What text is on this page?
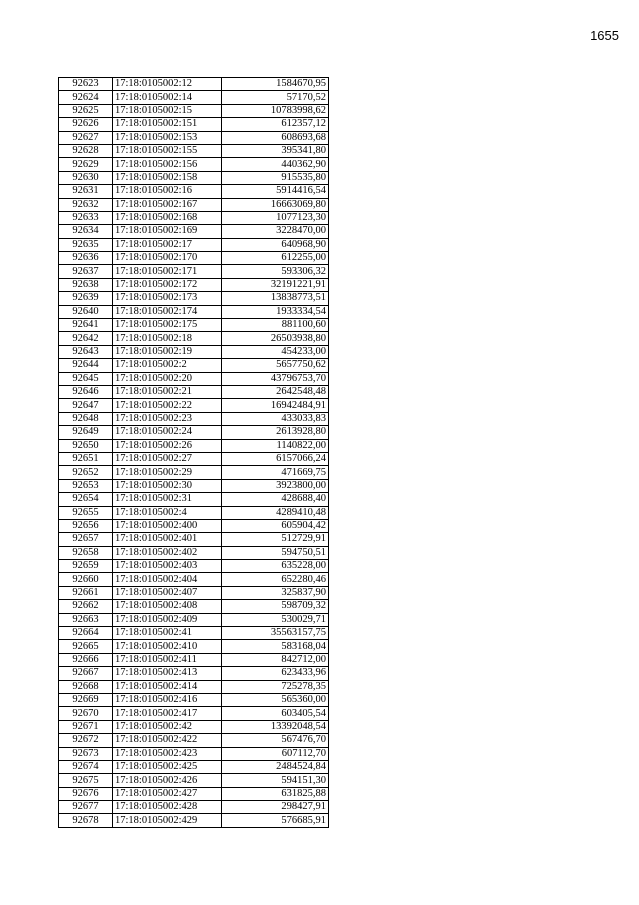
1655
92623	17:18:0105002:12	1584670,95
92624	17:18:0105002:14	57170,52
92625	17:18:0105002:15	10783998,62
92626	17:18:0105002:151	612357,12
92627	17:18:0105002:153	608693,68
92628	17:18:0105002:155	395341,80
92629	17:18:0105002:156	440362,90
92630	17:18:0105002:158	915535,80
92631	17:18:0105002:16	5914416,54
92632	17:18:0105002:167	16663069,80
92633	17:18:0105002:168	1077123,30
92634	17:18:0105002:169	3228470,00
92635	17:18:0105002:17	640968,90
92636	17:18:0105002:170	612255,00
92637	17:18:0105002:171	593306,32
92638	17:18:0105002:172	32191221,91
92639	17:18:0105002:173	13838773,51
92640	17:18:0105002:174	1933334,54
92641	17:18:0105002:175	881100,60
92642	17:18:0105002:18	26503938,80
92643	17:18:0105002:19	454233,00
92644	17:18:0105002:2	5657750,62
92645	17:18:0105002:20	43796753,70
92646	17:18:0105002:21	2642548,48
92647	17:18:0105002:22	16942484,91
92648	17:18:0105002:23	433033,83
92649	17:18:0105002:24	2613928,80
92650	17:18:0105002:26	1140822,00
92651	17:18:0105002:27	6157066,24
92652	17:18:0105002:29	471669,75
92653	17:18:0105002:30	3923800,00
92654	17:18:0105002:31	428688,40
92655	17:18:0105002:4	4289410,48
92656	17:18:0105002:400	605904,42
92657	17:18:0105002:401	512729,91
92658	17:18:0105002:402	594750,51
92659	17:18:0105002:403	635228,00
92660	17:18:0105002:404	652280,46
92661	17:18:0105002:407	325837,90
92662	17:18:0105002:408	598709,32
92663	17:18:0105002:409	530029,71
92664	17:18:0105002:41	35563157,75
92665	17:18:0105002:410	583168,04
92666	17:18:0105002:411	842712,00
92667	17:18:0105002:413	623433,96
92668	17:18:0105002:414	725278,35
92669	17:18:0105002:416	565360,00
92670	17:18:0105002:417	603405,54
92671	17:18:0105002:42	13392048,54
92672	17:18:0105002:422	567476,70
92673	17:18:0105002:423	607112,70
92674	17:18:0105002:425	2484524,84
92675	17:18:0105002:426	594151,30
92676	17:18:0105002:427	631825,88
92677	17:18:0105002:428	298427,91
92678	17:18:0105002:429	576685,91
